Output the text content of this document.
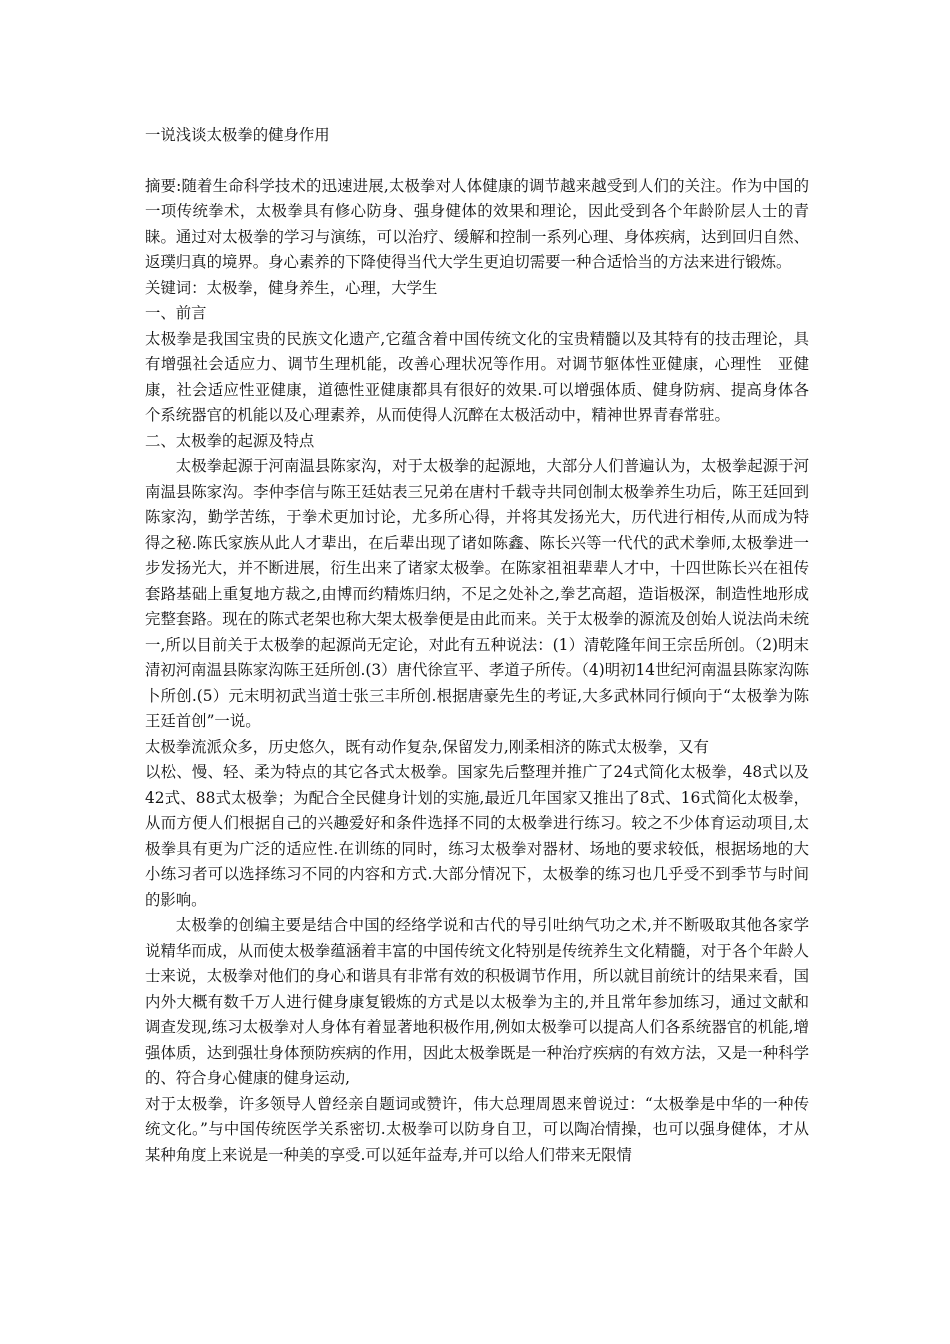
一说浅谈太极拳的健身作用

摘要:随着生命科学技术的迅速进展,太极拳对人体健康的调节越来越受到人们的关注。作为中国的一项传统拳术，太极拳具有修心防身、强身健体的效果和理论，因此受到各个年龄阶层人士的青睐。通过对太极拳的学习与演练，可以治疗、缓解和控制一系列心理、身体疾病，达到回归自然、返璞归真的境界。身心素养的下降使得当代大学生更迫切需要一种合适恰当的方法来进行锻炼。

关键词：太极拳，健身养生，心理，大学生

一、前言

太极拳是我国宝贵的民族文化遗产,它蕴含着中国传统文化的宝贵精髓以及其特有的技击理论，具有增强社会适应力、调节生理机能，改善心理状况等作用。对调节躯体性亚健康，心理性　亚健康，社会适应性亚健康，道德性亚健康都具有很好的效果.可以增强体质、健身防病、提高身体各个系统器官的机能以及心理素养，从而使得人沉醉在太极活动中，精神世界青春常驻。

二、太极拳的起源及特点

太极拳起源于河南温县陈家沟，对于太极拳的起源地，大部分人们普遍认为，太极拳起源于河南温县陈家沟。李仲李信与陈王廷姑表三兄弟在唐村千载寺共同创制太极拳养生功后，陈王廷回到陈家沟，勤学苦练，于拳术更加讨论，尤多所心得，并将其发扬光大，历代进行相传,从而成为特得之秘.陈氏家族从此人才辈出，在后辈出现了诸如陈鑫、陈长兴等一代代的武术拳师,太极拳进一步发扬光大，并不断进展，衍生出来了诸家太极拳。在陈家祖祖辈辈人才中，十四世陈长兴在祖传套路基础上重复地方裁之,由博而约精炼归纳，不足之处补之,拳艺高超，造诣极深，制造性地形成完整套路。现在的陈式老架也称大架太极拳便是由此而来。关于太极拳的源流及创始人说法尚未统一,所以目前关于太极拳的起源尚无定论，对此有五种说法：(1）清乾隆年间王宗岳所创。（2)明末清初河南温县陈家沟陈王廷所创.(3）唐代徐宣平、孝道子所传。（4)明初14世纪河南温县陈家沟陈卜所创.(5）元末明初武当道士张三丰所创.根据唐豪先生的考证,大多武林同行倾向于“太极拳为陈王廷首创”一说。

太极拳流派众多，历史悠久，既有动作复杂,保留发力,刚柔相济的陈式太极拳，又有

以松、慢、轻、柔为特点的其它各式太极拳。国家先后整理并推广了24式简化太极拳，48式以及42式、88式太极拳；为配合全民健身计划的实施,最近几年国家又推出了8式、16式简化太极拳，从而方便人们根据自己的兴趣爱好和条件选择不同的太极拳进行练习。较之不少体育运动项目,太极拳具有更为广泛的适应性.在训练的同时，练习太极拳对器材、场地的要求较低，根据场地的大小练习者可以选择练习不同的内容和方式.大部分情况下，太极拳的练习也几乎受不到季节与时间的影响。

太极拳的创编主要是结合中国的经络学说和古代的导引吐纳气功之术,并不断吸取其他各家学说精华而成，从而使太极拳蕴涵着丰富的中国传统文化特别是传统养生文化精髓，对于各个年龄人士来说，太极拳对他们的身心和谐具有非常有效的积极调节作用，所以就目前统计的结果来看，国内外大概有数千万人进行健身康复锻炼的方式是以太极拳为主的,并且常年参加练习，通过文献和调查发现,练习太极拳对人身体有着显著地积极作用,例如太极拳可以提高人们各系统器官的机能,增强体质，达到强壮身体预防疾病的作用，因此太极拳既是一种治疗疾病的有效方法，又是一种科学的、符合身心健康的健身运动,

对于太极拳，许多领导人曾经亲自题词或赞许，伟大总理周恩来曾说过：“太极拳是中华的一种传统文化。”与中国传统医学关系密切.太极拳可以防身自卫，可以陶冶情操，也可以强身健体，才从某种角度上来说是一种美的享受.可以延年益寿,并可以给人们带来无限情
